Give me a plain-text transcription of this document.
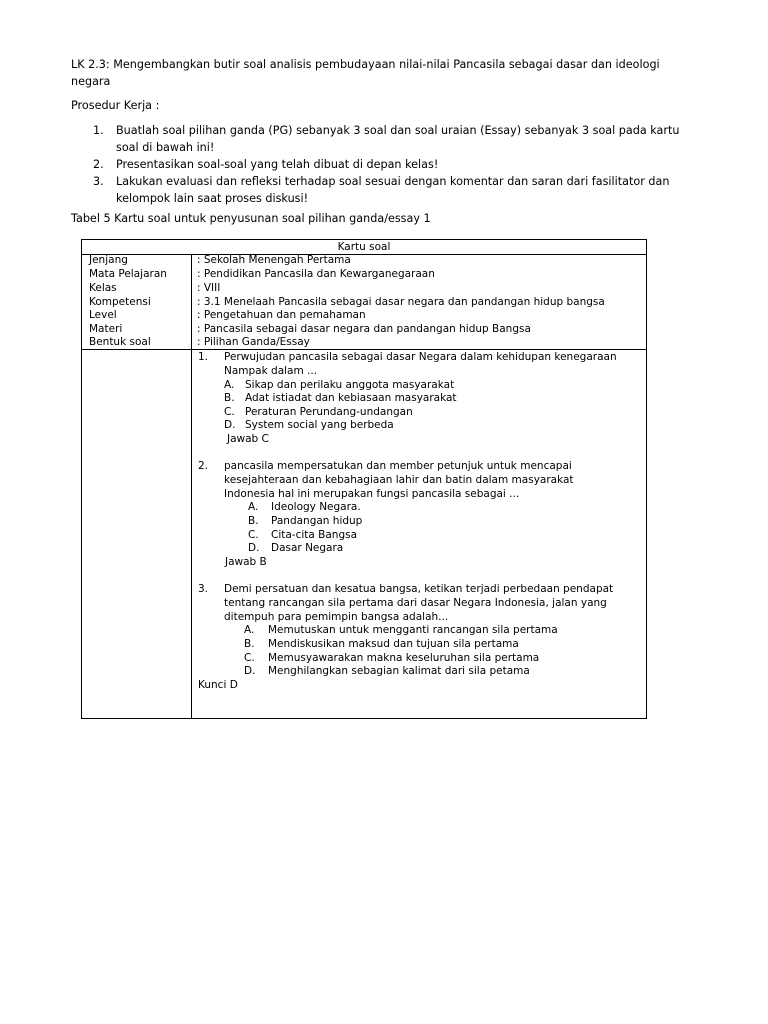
LK 2.3: Mengembangkan butir soal analisis pembudayaan nilai-nilai Pancasila sebagai dasar dan ideologi negara
Prosedur Kerja :
1.	Buatlah soal pilihan ganda (PG) sebanyak 3 soal dan soal uraian (Essay) sebanyak 3 soal pada kartu soal di bawah ini!
2.	Presentasikan soal-soal yang telah dibuat di depan kelas!
3.	Lakukan evaluasi dan refleksi terhadap soal sesuai dengan komentar dan saran dari fasilitator dan kelompok lain saat proses diskusi!
Tabel 5 Kartu soal untuk penyusunan soal pilihan ganda/essay 1
Kartu soal
Jenjang	: Sekolah Menengah Pertama
Mata Pelajaran	: Pendidikan Pancasila dan Kewarganegaraan
Kelas	: VIII
Kompetensi	: 3.1 Menelaah Pancasila sebagai dasar negara dan pandangan hidup bangsa
Level	: Pengetahuan dan pemahaman
Materi	: Pancasila sebagai dasar negara dan pandangan hidup Bangsa
Bentuk soal	: Pilihan Ganda/Essay
1. Perwujudan pancasila sebagai dasar Negara dalam kehidupan kenegaraan
Nampak dalam ...
A. Sikap dan perilaku anggota masyarakat
B. Adat istiadat dan kebiasaan masyarakat
C. Peraturan Perundang-undangan
D. System social yang berbeda
Jawab C
2. pancasila mempersatukan dan member petunjuk untuk mencapai
kesejahteraan dan kebahagiaan lahir dan batin dalam masyarakat
Indonesia hal ini merupakan fungsi pancasila sebagai ...
A. Ideology Negara.
B. Pandangan hidup
C. Cita-cita Bangsa
D. Dasar Negara
Jawab B
3. Demi persatuan dan kesatua bangsa, ketikan terjadi perbedaan pendapat
tentang rancangan sila pertama dari dasar Negara Indonesia, jalan yang
ditempuh para pemimpin bangsa adalah...
A. Memutuskan untuk mengganti rancangan sila pertama
B. Mendiskusikan maksud dan tujuan sila pertama
C. Memusyawarakan makna keseluruhan sila pertama
D. Menghilangkan sebagian kalimat dari sila petama
Kunci D
